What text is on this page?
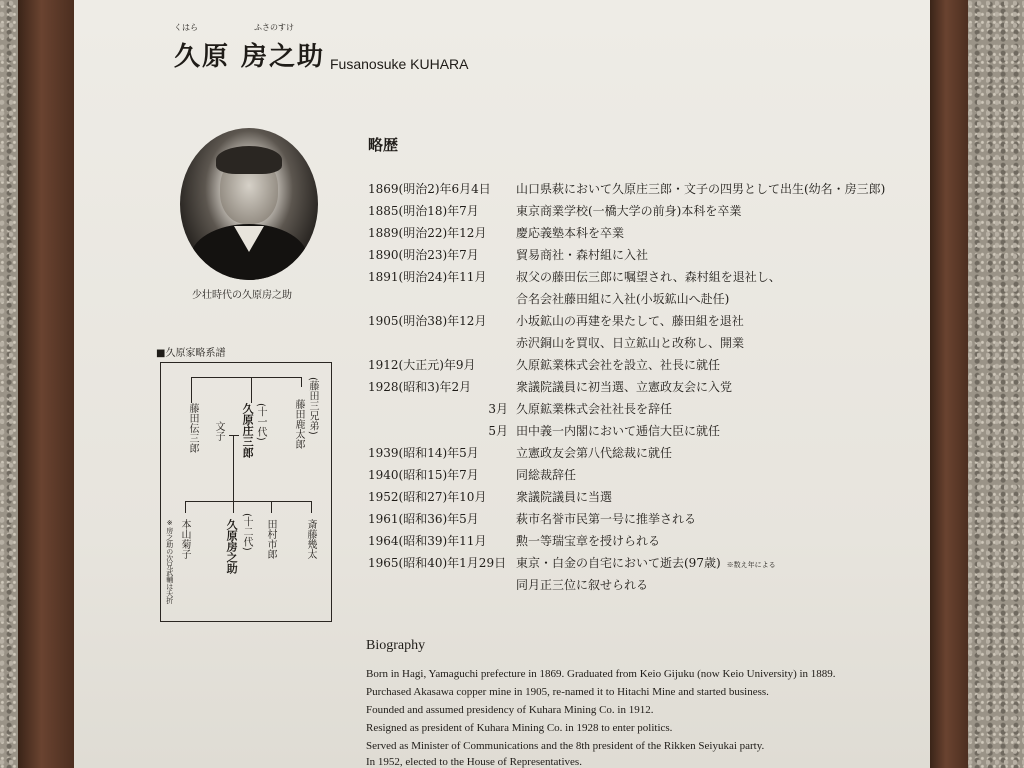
くはら	ふさのすけ
久原 房之助 Fusanosuke KUHARA
少壮時代の久原房之助
■久原家略系譜
藤田伝三郎	(十一代)
久原庄三郎	(藤田三兄弟)
藤田鹿太郎
文子
※房之助の次兄武輔は夭折 本山菊子	(十二代)
久原房之助	田村市郎	斎藤幾太
略歴
1869(明治2)年6月4日	山口県萩において久原庄三郎・文子の四男として出生(幼名・房三郎)
1885(明治18)年7月	東京商業学校(一橋大学の前身)本科を卒業
1889(明治22)年12月	慶応義塾本科を卒業
1890(明治23)年7月	貿易商社・森村組に入社
1891(明治24)年11月	叔父の藤田伝三郎に嘱望され、森村組を退社し、
合名会社藤田組に入社(小坂鉱山へ赴任)
1905(明治38)年12月	小坂鉱山の再建を果たして、藤田組を退社
赤沢銅山を買収、日立鉱山と改称し、開業
1912(大正元)年9月	久原鉱業株式会社を設立、社長に就任
1928(昭和3)年2月	衆議院議員に初当選、立憲政友会に入党
3月 久原鉱業株式会社社長を辞任
5月 田中義一内閣において逓信大臣に就任
1939(昭和14)年5月	立憲政友会第八代総裁に就任
1940(昭和15)年7月	同総裁辞任
1952(昭和27)年10月	衆議院議員に当選
1961(昭和36)年5月	萩市名誉市民第一号に推挙される
1964(昭和39)年11月	勲一等瑞宝章を授けられる
1965(昭和40)年1月29日 東京・白金の自宅において逝去(97歳) ※数え年による
同月正三位に叙せられる
Biography
Born in Hagi, Yamaguchi prefecture in 1869. Graduated from Keio Gijuku (now Keio University) in 1889.
Purchased Akasawa copper mine in 1905, re-named it to Hitachi Mine and started business.
Founded and assumed presidency of Kuhara Mining Co. in 1912.
Resigned as president of Kuhara Mining Co. in 1928 to enter politics.
Served as Minister of Communications and the 8th president of the Rikken Seiyukai party.
In 1952, elected to the House of Representatives.
